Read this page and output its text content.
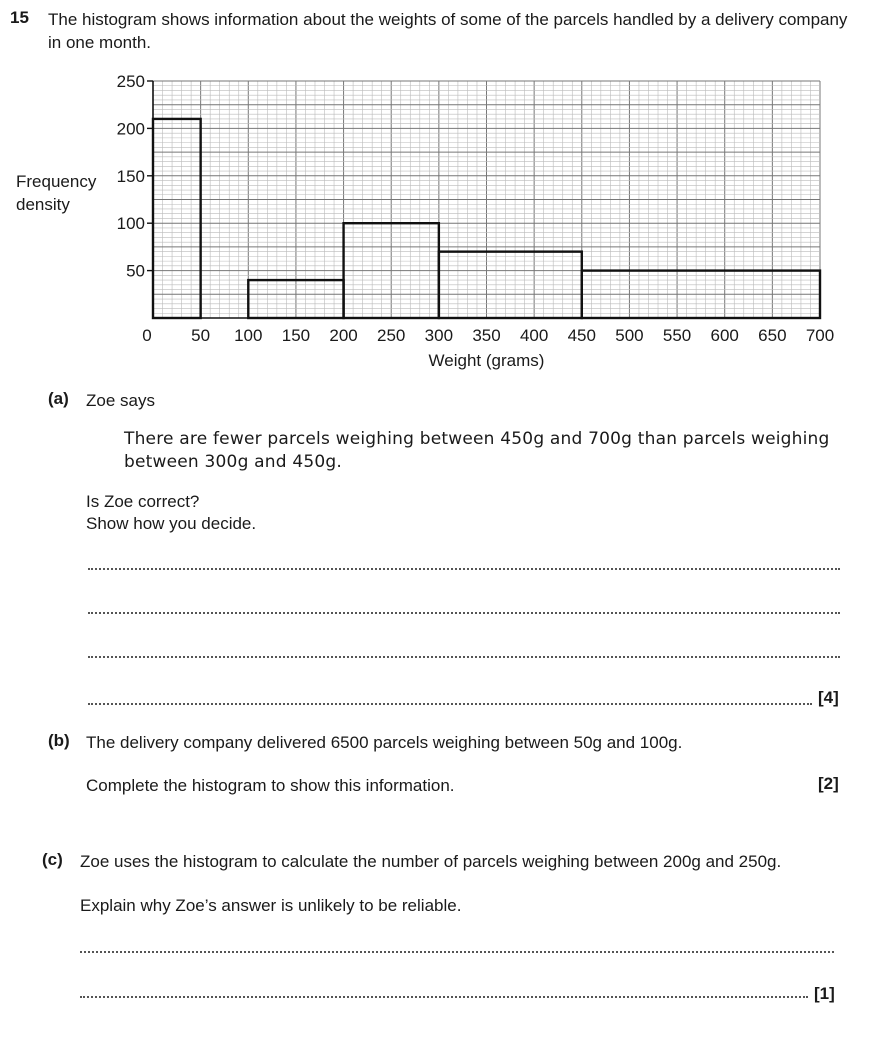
15 The histogram shows information about the weights of some of the parcels handled by a delivery company in one month.
Frequency density
50
100
150
200
250
0 50 100 150 200 250 300 350 400 450 500 550 600 650 700
Weight (grams)
(a) Zoe says
There are fewer parcels weighing between 450g and 700g than parcels weighing between 300g and 450g.
Is Zoe correct?
Show how you decide.
[4]
(b) The delivery company delivered 6500 parcels weighing between 50g and 100g.
Complete the histogram to show this information.	[2]
(c) Zoe uses the histogram to calculate the number of parcels weighing between 200g and 250g.
Explain why Zoe’s answer is unlikely to be reliable.
[1]
